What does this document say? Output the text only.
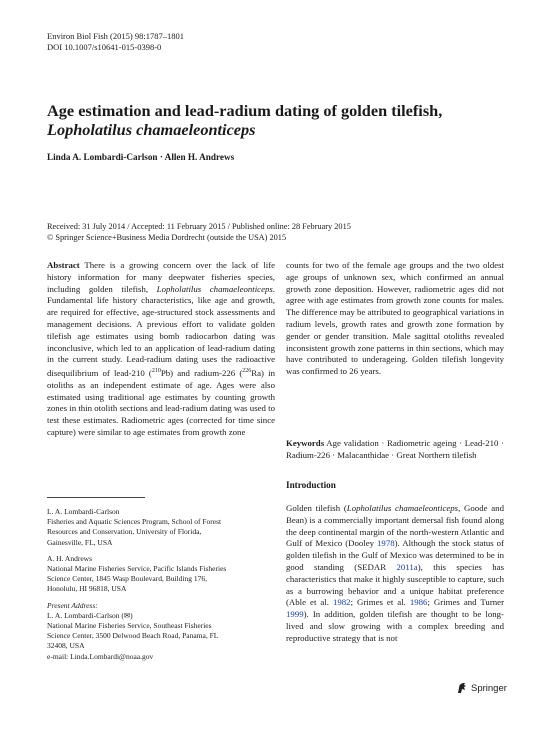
Environ Biol Fish (2015) 98:1787–1801
DOI 10.1007/s10641-015-0398-0
Age estimation and lead-radium dating of golden tilefish,
Lopholatilus chamaeleonticeps
Linda A. Lombardi-Carlson · Allen H. Andrews
Received: 31 July 2014 / Accepted: 11 February 2015 / Published online: 28 February 2015
© Springer Science+Business Media Dordrecht (outside the USA) 2015
Abstract There is a growing concern over the lack of life history information for many deepwater fisheries species, including golden tilefish, Lopholatilus chamaeleonticeps. Fundamental life history characteristics, like age and growth, are required for effective, age-structured stock assessments and management decisions. A previous effort to validate golden tilefish age estimates using bomb radiocarbon dating was inconclusive, which led to an application of lead-radium dating in the current study. Lead-radium dating uses the radioactive disequilibrium of lead-210 ($^{210}$Pb) and radium-226 ($^{226}$Ra) in otoliths as an independent estimate of age. Ages were also estimated using traditional age estimates by counting growth zones in thin otolith sections and lead-radium dating was used to test these estimates. Radiometric ages (corrected for time since capture) were similar to age estimates from growth zone

L. A. Lombardi-Carlson
Fisheries and Aquatic Sciences Program, School of Forest
Resources and Conservation, University of Florida,
Gainesville, FL, USA

A. H. Andrews
National Marine Fisheries Service, Pacific Islands Fisheries
Science Center, 1845 Wasp Boulevard, Building 176,
Honolulu, HI 96818, USA

Present Address:
L. A. Lombardi-Carlson (✉)
National Marine Fisheries Service, Southeast Fisheries
Science Center, 3500 Delwood Beach Road, Panama, FL
32408, USA
e-mail: Linda.Lombardi@noaa.gov

counts for two of the female age groups and the two oldest age groups of unknown sex, which confirmed an annual growth zone deposition. However, radiometric ages did not agree with age estimates from growth zone counts for males. The difference may be attributed to geographical variations in radium levels, growth rates and growth zone formation by gender or gender transition. Male sagittal otoliths revealed inconsistent growth zone patterns in thin sections, which may have contributed to underageing. Golden tilefish longevity was confirmed to 26 years.
Keywords Age validation · Radiometric ageing · Lead-210 · Radium-226 · Malacanthidae · Great Northern tilefish
Introduction
Golden tilefish (Lopholatilus chamaeleonticeps, Goode and Bean) is a commercially important demersal fish found along the deep continental margin of the north-western Atlantic and Gulf of Mexico (Dooley 1978). Although the stock status of golden tilefish in the Gulf of Mexico was determined to be in good standing (SEDAR 2011a), this species has characteristics that make it highly susceptible to capture, such as a burrowing behavior and a unique habitat preference (Able et al. 1982; Grimes et al. 1986; Grimes and Turner 1999). In addition, golden tilefish are thought to be long-lived and slow growing with a complex breeding and reproductive strategy that is not
Springer
